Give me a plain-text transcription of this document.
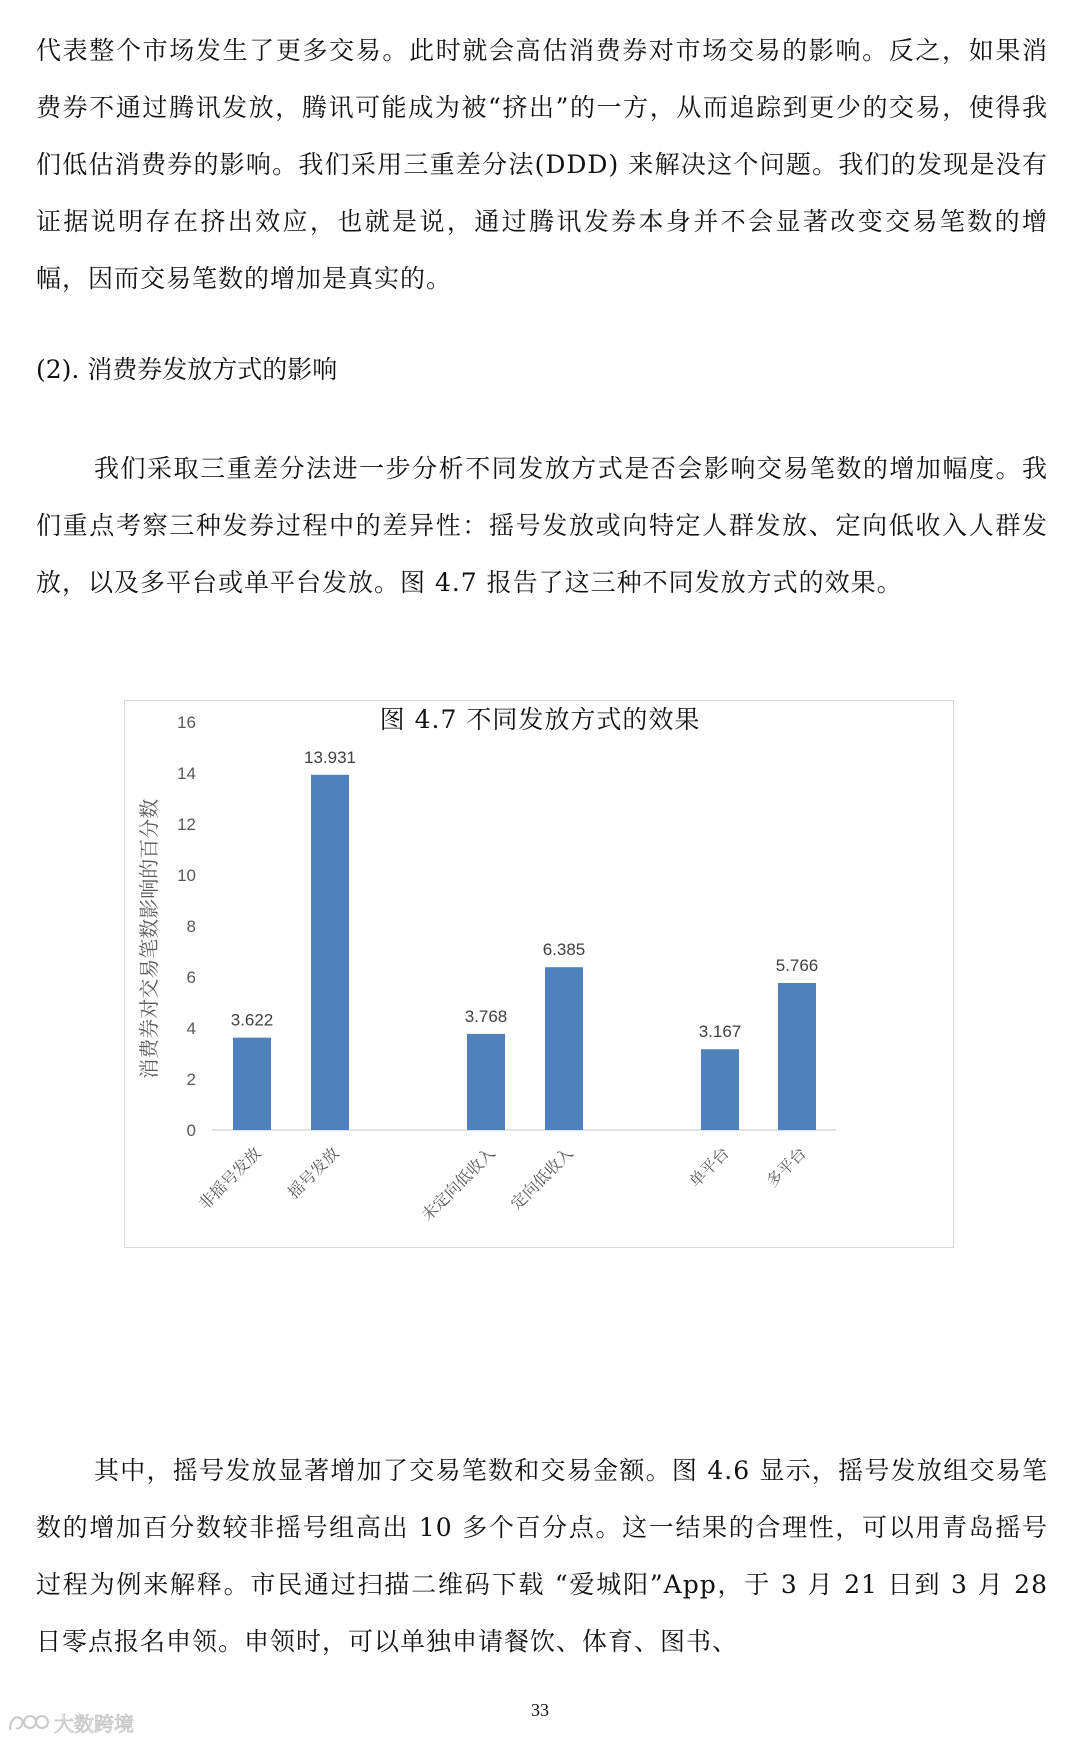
代表整个市场发生了更多交易。此时就会高估消费券对市场交易的影响。反之，如果消费券不通过腾讯发放，腾讯可能成为被“挤出”的一方，从而追踪到更少的交易，使得我们低估消费券的影响。我们采用三重差分法(DDD) 来解决这个问题。我们的发现是没有证据说明存在挤出效应，也就是说，通过腾讯发券本身并不会显著改变交易笔数的增幅，因而交易笔数的增加是真实的。

(2). 消费券发放方式的影响

我们采取三重差分法进一步分析不同发放方式是否会影响交易笔数的增加幅度。我们重点考察三种发券过程中的差异性：摇号发放或向特定人群发放、定向低收入人群发放，以及多平台或单平台发放。图 4.7 报告了这三种不同发放方式的效果。

图 4.7 不同发放方式的效果
0
2
4
6
8
10
12
14
16
3.622
非摇号发放
13.931
摇号发放
3.768
未定向低收入
6.385
定向低收入
3.167
单平台
5.766
多平台
消费券对交易笔数影响的百分数

其中，摇号发放显著增加了交易笔数和交易金额。图 4.6 显示，摇号发放组交易笔数的增加百分数较非摇号组高出 10 多个百分点。这一结果的合理性，可以用青岛摇号过程为例来解释。市民通过扫描二维码下载 “爱城阳”App，于 3 月 21 日到 3 月 28 日零点报名申领。申领时，可以单独申请餐饮、体育、图书、

33
大数跨境
